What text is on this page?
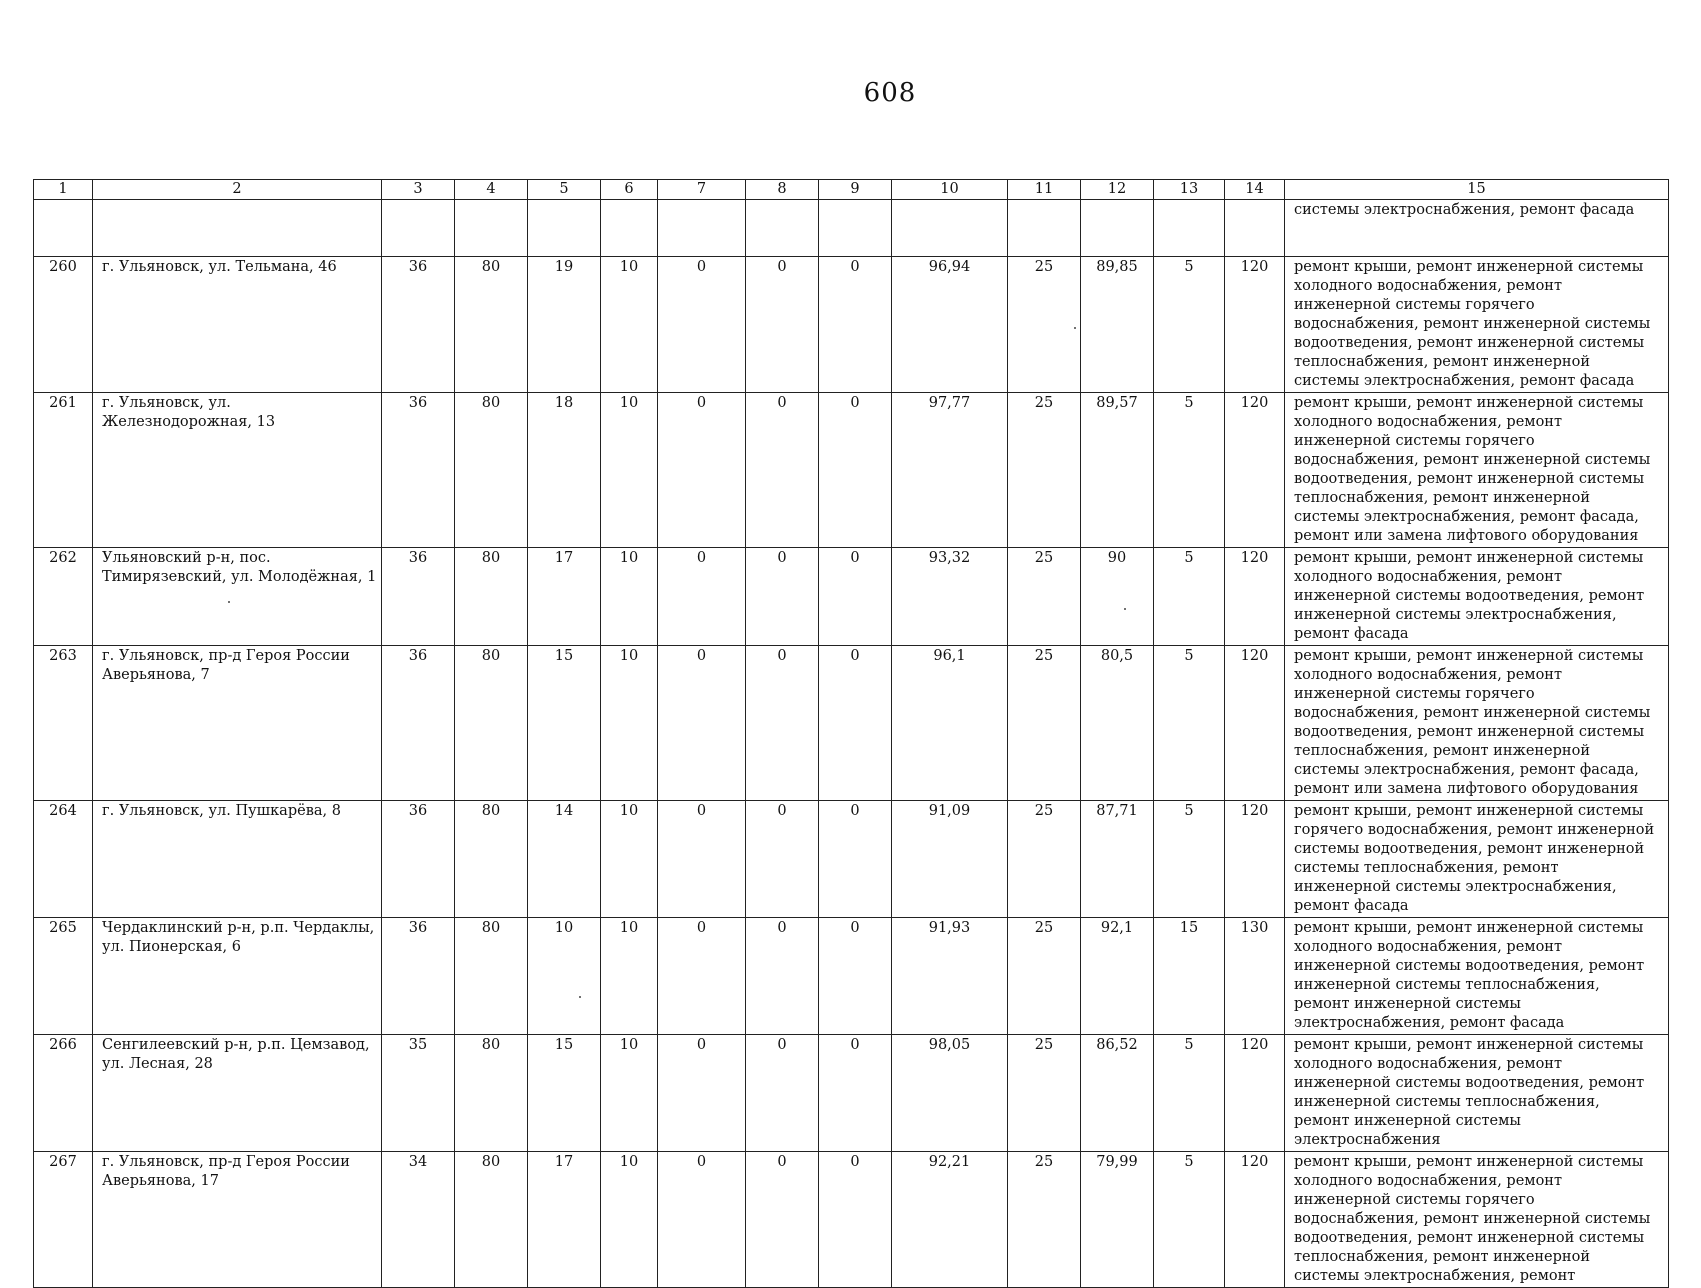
608
1	2	3	4	5	6	7	8	9	10	11	12	13	14	15
														системы электроснабжения, ремонт фасада
260	г. Ульяновск, ул. Тельмана, 46	36	80	19	10	0	0	0	96,94	25	89,85	5	120	ремонт крыши, ремонт инженерной системы холодного водоснабжения, ремонт инженерной системы горячего водоснабжения, ремонт инженерной системы водоотведения, ремонт инженерной системы теплоснабжения, ремонт инженерной системы электроснабжения, ремонт фасада
261	г. Ульяновск, ул. Железнодорожная, 13	36	80	18	10	0	0	0	97,77	25	89,57	5	120	ремонт крыши, ремонт инженерной системы холодного водоснабжения, ремонт инженерной системы горячего водоснабжения, ремонт инженерной системы водоотведения, ремонт инженерной системы теплоснабжения, ремонт инженерной системы электроснабжения, ремонт фасада, ремонт или замена лифтового оборудования
262	Ульяновский р-н, пос. Тимирязевский, ул. Молодёжная, 1	36	80	17	10	0	0	0	93,32	25	90	5	120	ремонт крыши, ремонт инженерной системы холодного водоснабжения, ремонт инженерной системы водоотведения, ремонт инженерной системы электроснабжения, ремонт фасада
263	г. Ульяновск, пр-д Героя России Аверьянова, 7	36	80	15	10	0	0	0	96,1	25	80,5	5	120	ремонт крыши, ремонт инженерной системы холодного водоснабжения, ремонт инженерной системы горячего водоснабжения, ремонт инженерной системы водоотведения, ремонт инженерной системы теплоснабжения, ремонт инженерной системы электроснабжения, ремонт фасада, ремонт или замена лифтового оборудования
264	г. Ульяновск, ул. Пушкарёва, 8	36	80	14	10	0	0	0	91,09	25	87,71	5	120	ремонт крыши, ремонт инженерной системы горячего водоснабжения, ремонт инженерной системы водоотведения, ремонт инженерной системы теплоснабжения, ремонт инженерной системы электроснабжения, ремонт фасада
265	Чердаклинский р-н, р.п. Чердаклы, ул. Пионерская, 6	36	80	10	10	0	0	0	91,93	25	92,1	15	130	ремонт крыши, ремонт инженерной системы холодного водоснабжения, ремонт инженерной системы водоотведения, ремонт инженерной системы теплоснабжения, ремонт инженерной системы электроснабжения, ремонт фасада
266	Сенгилеевский р-н, р.п. Цемзавод, ул. Лесная, 28	35	80	15	10	0	0	0	98,05	25	86,52	5	120	ремонт крыши, ремонт инженерной системы холодного водоснабжения, ремонт инженерной системы водоотведения, ремонт инженерной системы теплоснабжения, ремонт инженерной системы электроснабжения
267	г. Ульяновск, пр-д Героя России Аверьянова, 17	34	80	17	10	0	0	0	92,21	25	79,99	5	120	ремонт крыши, ремонт инженерной системы холодного водоснабжения, ремонт инженерной системы горячего водоснабжения, ремонт инженерной системы водоотведения, ремонт инженерной системы теплоснабжения, ремонт инженерной системы электроснабжения, ремонт
